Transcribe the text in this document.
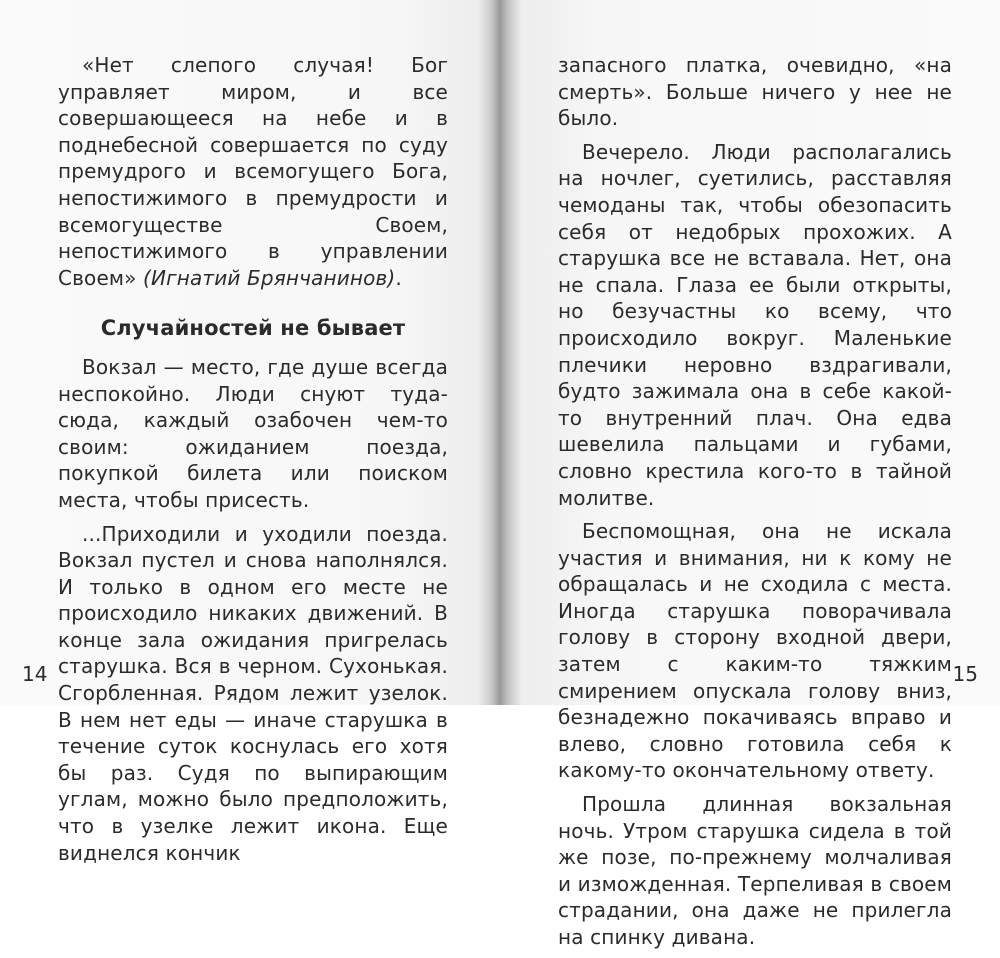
«Нет слепого случая! Бог управляет миром, и все совершающееся на небе и в поднебесной совершается по суду премудрого и всемогущего Бога, непостижимого в премудрости и всемогуществе Своем, непостижимого в управлении Своем» (Игнатий Брянчанинов).

Случайностей не бывает

Вокзал — место, где душе всегда неспокойно. Люди снуют туда-сюда, каждый озабочен чем-то своим: ожиданием поезда, покупкой билета или поиском места, чтобы присесть.

...Приходили и уходили поезда. Вокзал пустел и снова наполнялся. И только в одном его месте не происходило никаких движений. В конце зала ожидания пригрелась старушка. Вся в черном. Сухонькая. Сгорбленная. Рядом лежит узелок. В нем нет еды — иначе старушка в течение суток коснулась его хотя бы раз. Судя по выпирающим углам, можно было предположить, что в узелке лежит икона. Еще виднелся кончик

14

запасного платка, очевидно, «на смерть». Больше ничего у нее не было.

Вечерело. Люди располагались на ночлег, суетились, расставляя чемоданы так, чтобы обезопасить себя от недобрых прохожих. А старушка все не вставала. Нет, она не спала. Глаза ее были открыты, но безучастны ко всему, что происходило вокруг. Маленькие плечики неровно вздрагивали, будто зажимала она в себе какой-то внутренний плач. Она едва шевелила пальцами и губами, словно крестила кого-то в тайной молитве.

Беспомощная, она не искала участия и внимания, ни к кому не обращалась и не сходила с места. Иногда старушка поворачивала голову в сторону входной двери, затем с каким-то тяжким смирением опускала голову вниз, безнадежно покачиваясь вправо и влево, словно готовила себя к какому-то окончательному ответу.

Прошла длинная вокзальная ночь. Утром старушка сидела в той же позе, по-прежнему молчаливая и изможденная. Терпеливая в своем страдании, она даже не прилегла на спинку дивана.

15
